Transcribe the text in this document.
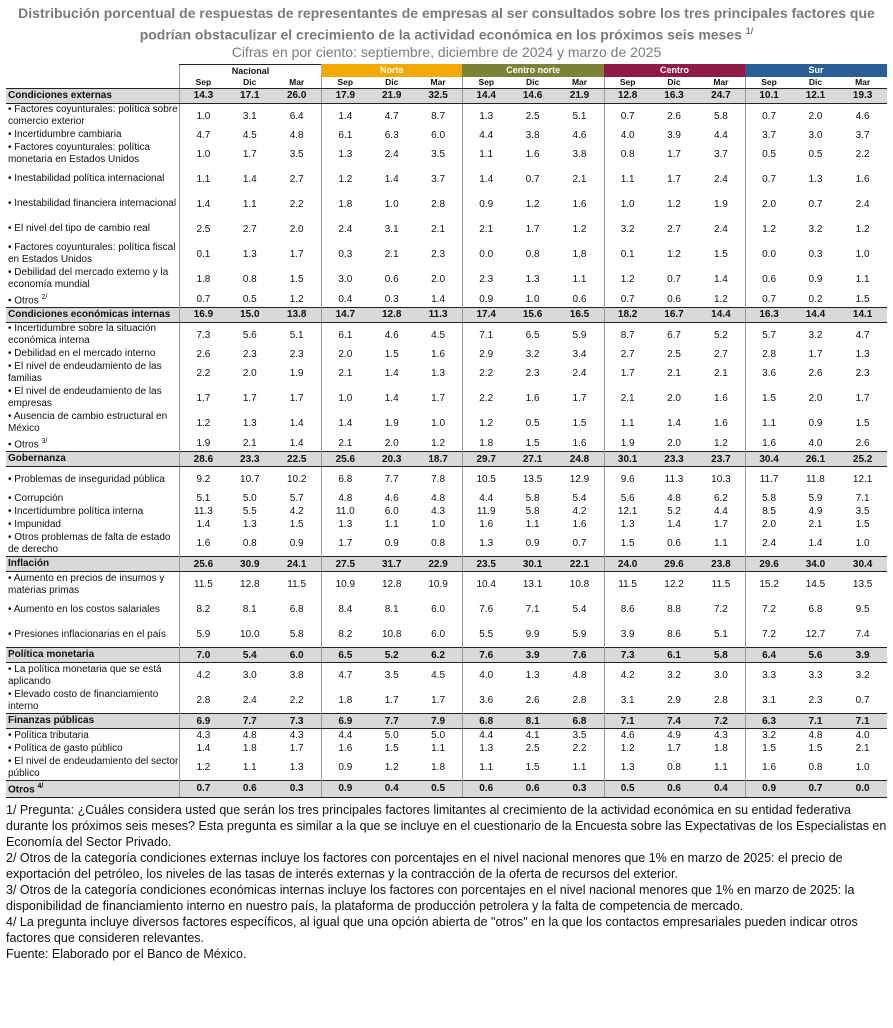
Distribución porcentual de respuestas de representantes de empresas al ser consultados sobre los tres principales factores que
podrían obstaculizar el crecimiento de la actividad económica en los próximos seis meses $^{1/}$
Cifras en por ciento: septiembre, diciembre de 2024 y marzo de 2025
	Nacional			Norte			Centro norte			Centro			Sur		
	Sep	Dic	Mar	Sep	Dic	Mar	Sep	Dic	Mar	Sep	Dic	Mar	Sep	Dic	Mar
Condiciones externas	14.3	17.1	26.0	17.9	21.9	32.5	14.4	14.6	21.9	12.8	16.3	24.7	10.1	12.1	19.3
• Factores coyunturales: política sobre comercio exterior	1.0	3.1	6.4	1.4	4.7	8.7	1.3	2.5	5.1	0.7	2.6	5.8	0.7	2.0	4.6
• Incertidumbre cambiaria	4.7	4.5	4.8	6.1	6.3	6.0	4.4	3.8	4.6	4.0	3.9	4.4	3.7	3.0	3.7
• Factores coyunturales: política monetaria en Estados Unidos	1.0	1.7	3.5	1.3	2.4	3.5	1.1	1.6	3.8	0.8	1.7	3.7	0.5	0.5	2.2
• Inestabilidad política internacional	1.1	1.4	2.7	1.2	1.4	3.7	1.4	0.7	2.1	1.1	1.7	2.4	0.7	1.3	1.6
• Inestabilidad financiera internacional	1.4	1.1	2.2	1.8	1.0	2.8	0.9	1.2	1.6	1.0	1.2	1.9	2.0	0.7	2.4
• El nivel del tipo de cambio real	2.5	2.7	2.0	2.4	3.1	2.1	2.1	1.7	1.2	3.2	2.7	2.4	1.2	3.2	1.2
• Factores coyunturales: política fiscal en Estados Unidos	0.1	1.3	1.7	0.3	2.1	2.3	0.0	0.8	1.8	0.1	1.2	1.5	0.0	0.3	1.0
• Debilidad del mercado externo y la economía mundial	1.8	0.8	1.5	3.0	0.6	2.0	2.3	1.3	1.1	1.2	0.7	1.4	0.6	0.9	1.1
• Otros $^{2/}$	0.7	0.5	1.2	0.4	0.3	1.4	0.9	1.0	0.6	0.7	0.6	1.2	0.7	0.2	1.5
Condiciones económicas internas	16.9	15.0	13.8	14.7	12.8	11.3	17.4	15.6	16.5	18.2	16.7	14.4	16.3	14.4	14.1
• Incertidumbre sobre la situación económica interna	7.3	5.6	5.1	6.1	4.6	4.5	7.1	6.5	5.9	8.7	6.7	5.2	5.7	3.2	4.7
• Debilidad en el mercado interno	2.6	2.3	2.3	2.0	1.5	1.6	2.9	3.2	3.4	2.7	2.5	2.7	2.8	1.7	1.3
• El nivel de endeudamiento de las familias	2.2	2.0	1.9	2.1	1.4	1.3	2.2	2.3	2.4	1.7	2.1	2.1	3.6	2.6	2.3
• El nivel de endeudamiento de las empresas	1.7	1.7	1.7	1.0	1.4	1.7	2.2	1.6	1.7	2.1	2.0	1.6	1.5	2.0	1.7
• Ausencia de cambio estructural en México	1.2	1.3	1.4	1.4	1.9	1.0	1.2	0.5	1.5	1.1	1.4	1.6	1.1	0.9	1.5
• Otros $^{3/}$	1.9	2.1	1.4	2.1	2.0	1.2	1.8	1.5	1.6	1.9	2.0	1.2	1.6	4.0	2.6
Gobernanza	28.6	23.3	22.5	25.6	20.3	18.7	29.7	27.1	24.8	30.1	23.3	23.7	30.4	26.1	25.2
• Problemas de inseguridad pública	9.2	10.7	10.2	6.8	7.7	7.8	10.5	13.5	12.9	9.6	11.3	10.3	11.7	11.8	12.1
• Corrupción	5.1	5.0	5.7	4.8	4.6	4.8	4.4	5.8	5.4	5.6	4.8	6.2	5.8	5.9	7.1
• Incertidumbre política interna	11.3	5.5	4.2	11.0	6.0	4.3	11.9	5.8	4.2	12.1	5.2	4.4	8.5	4.9	3.5
• Impunidad	1.4	1.3	1.5	1.3	1.1	1.0	1.6	1.1	1.6	1.3	1.4	1.7	2.0	2.1	1.5
• Otros problemas de falta de estado de derecho	1.6	0.8	0.9	1.7	0.9	0.8	1.3	0.9	0.7	1.5	0.6	1.1	2.4	1.4	1.0
Inflación	25.6	30.9	24.1	27.5	31.7	22.9	23.5	30.1	22.1	24.0	29.6	23.8	29.6	34.0	30.4
• Aumento en precios de insumos y materias primas	11.5	12.8	11.5	10.9	12.8	10.9	10.4	13.1	10.8	11.5	12.2	11.5	15.2	14.5	13.5
• Aumento en los costos salariales	8.2	8.1	6.8	8.4	8.1	6.0	7.6	7.1	5.4	8.6	8.8	7.2	7.2	6.8	9.5
• Presiones inflacionarias en el país	5.9	10.0	5.8	8.2	10.8	6.0	5.5	9.9	5.9	3.9	8.6	5.1	7.2	12.7	7.4
Política monetaria	7.0	5.4	6.0	6.5	5.2	6.2	7.6	3.9	7.6	7.3	6.1	5.8	6.4	5.6	3.9
• La política monetaria que se está aplicando	4.2	3.0	3.8	4.7	3.5	4.5	4.0	1.3	4.8	4.2	3.2	3.0	3.3	3.3	3.2
• Elevado costo de financiamiento interno	2.8	2.4	2.2	1.8	1.7	1.7	3.6	2.6	2.8	3.1	2.9	2.8	3.1	2.3	0.7
Finanzas públicas	6.9	7.7	7.3	6.9	7.7	7.9	6.8	8.1	6.8	7.1	7.4	7.2	6.3	7.1	7.1
• Política tributaria	4.3	4.8	4.3	4.4	5.0	5.0	4.4	4.1	3.5	4.6	4.9	4.3	3.2	4.8	4.0
• Política de gasto público	1.4	1.8	1.7	1.6	1.5	1.1	1.3	2.5	2.2	1.2	1.7	1.8	1.5	1.5	2.1
• El nivel de endeudamiento del sector público	1.2	1.1	1.3	0.9	1.2	1.8	1.1	1.5	1.1	1.3	0.8	1.1	1.6	0.8	1.0
Otros $^{4/}$	0.7	0.6	0.3	0.9	0.4	0.5	0.6	0.6	0.3	0.5	0.6	0.4	0.9	0.7	0.0

1/ Pregunta: ¿Cuáles considera usted que serán los tres principales factores limitantes al crecimiento de la actividad económica en su entidad federativa durante los próximos seis meses? Esta pregunta es similar a la que se incluye en el cuestionario de la Encuesta sobre las Expectativas de los Especialistas en Economía del Sector Privado.

2/ Otros de la categoría condiciones externas incluye los factores con porcentajes en el nivel nacional menores que 1% en marzo de 2025: el precio de exportación del petróleo, los niveles de las tasas de interés externas y la contracción de la oferta de recursos del exterior.

3/ Otros de la categoría condiciones económicas internas incluye los factores con porcentajes en el nivel nacional menores que 1% en marzo de 2025: la disponibilidad de financiamiento interno en nuestro país, la plataforma de producción petrolera y la falta de competencia de mercado.

4/ La pregunta incluye diversos factores específicos, al igual que una opción abierta de "otros" en la que los contactos empresariales pueden indicar otros factores que consideren relevantes.

Fuente: Elaborado por el Banco de México.
